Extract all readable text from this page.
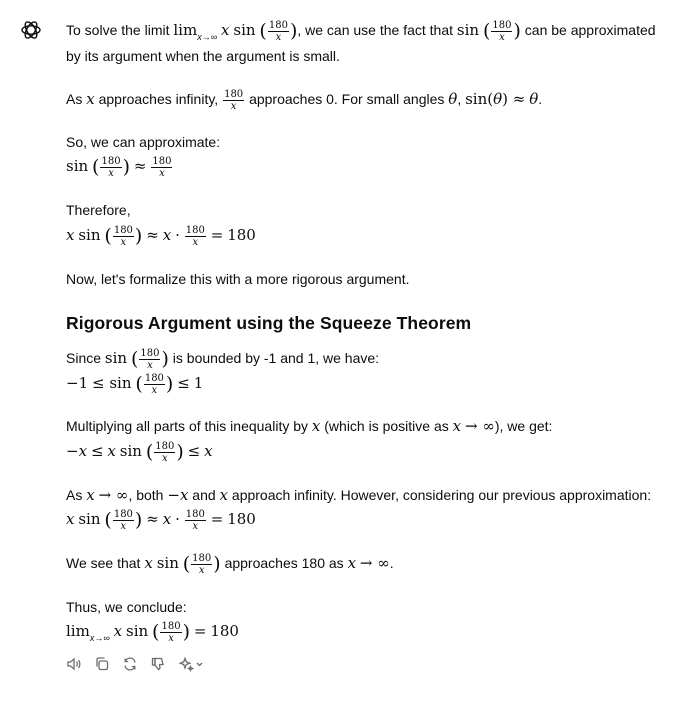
To solve the limit $\lim_{x\to\infty} x$ sin ( $\frac{180}{x}$ ), we can use the fact that sin ( $\frac{180}{x}$ ) can be approximated
by its argument when the argument is small.
As x approaches infinity, $\frac{180}{x}$ approaches 0. For small angles θ, sin(θ) ≈ θ.
So, we can approximate:
sin ( $\frac{180}{x}$ ) ≈ $\frac{180}{x}$
Therefore,
x sin ( $\frac{180}{x}$ ) ≈ $x \cdot \frac{180}{x} = 180$
Now, let's formalize this with a more rigorous argument.
Rigorous Argument using the Squeeze Theorem
Since sin ( $\frac{180}{x}$ ) is bounded by -1 and 1, we have:
−1 ≤ sin ( $\frac{180}{x}$ ) ≤ 1
Multiplying all parts of this inequality by x (which is positive as x → ∞), we get:
−x ≤ x sin ( $\frac{180}{x}$ ) ≤ x
As x → ∞, both −x and x approach infinity. However, considering our previous approximation:
x sin ( $\frac{180}{x}$ ) ≈ $x \cdot \frac{180}{x} = 180$
We see that x sin ( $\frac{180}{x}$ ) approaches 180 as x → ∞.
Thus, we conclude:
$\lim_{x\to\infty} x$ sin ( $\frac{180}{x}$ ) = 180
